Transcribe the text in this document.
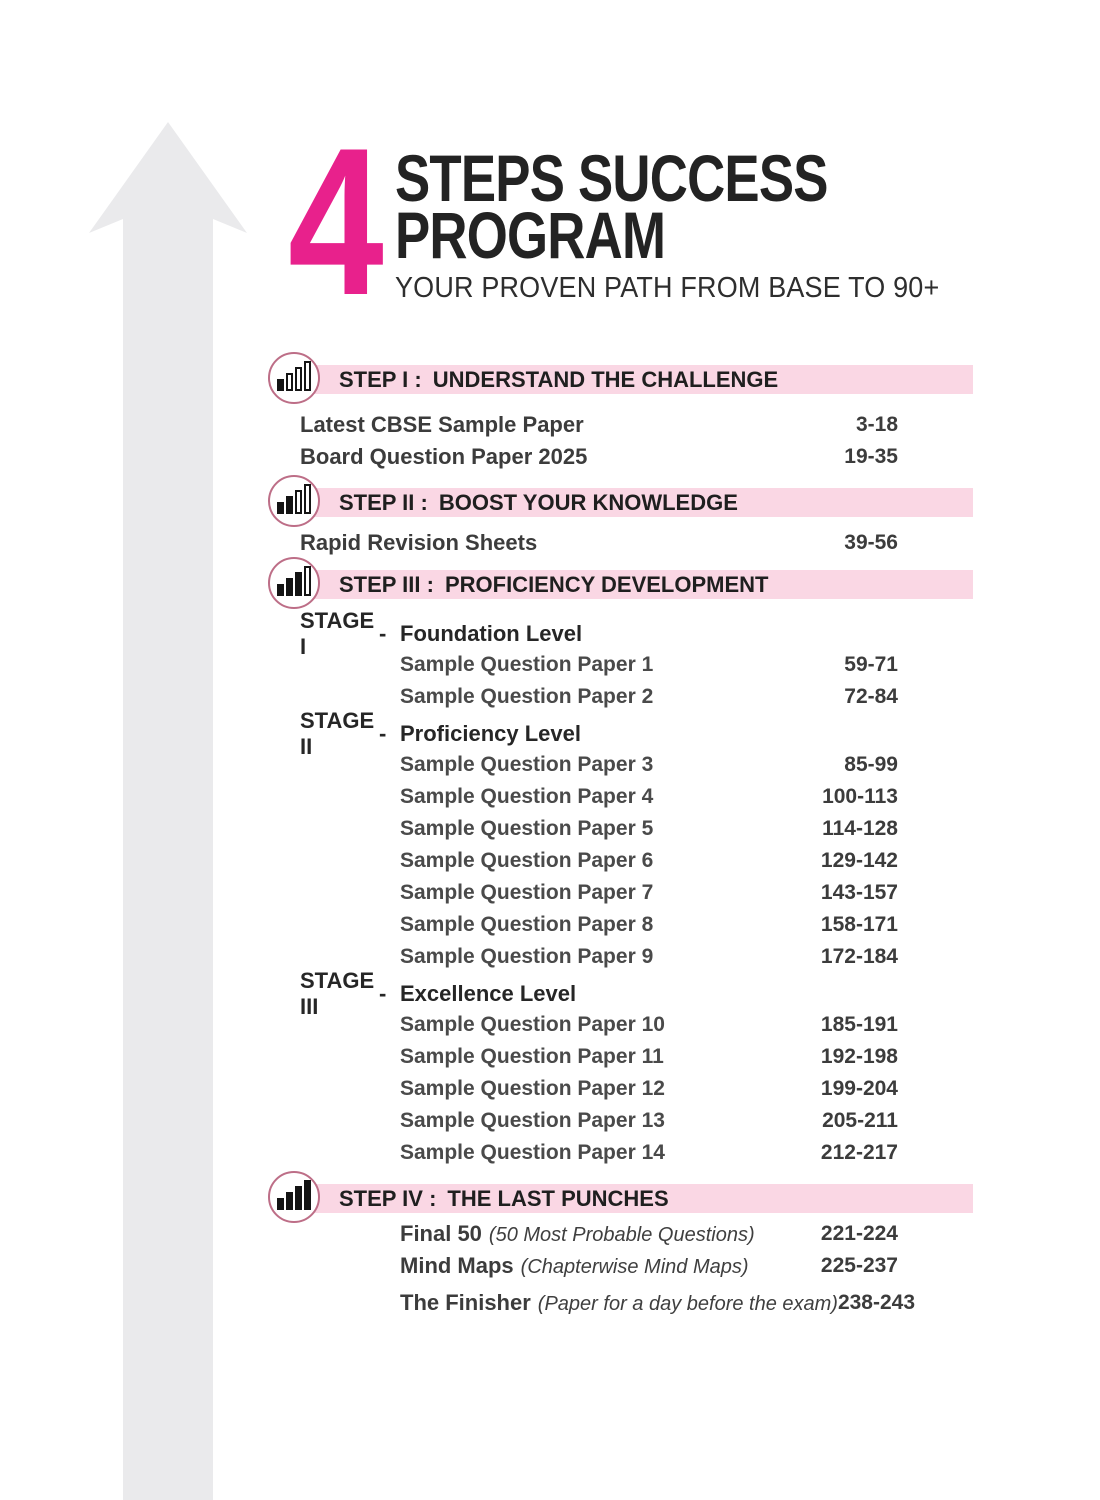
4 STEPS SUCCESS
PROGRAM
YOUR PROVEN PATH FROM BASE TO 90+
STEP I : UNDERSTAND THE CHALLENGE
Latest CBSE Sample Paper	3-18
Board Question Paper 2025	19-35
STEP II : BOOST YOUR KNOWLEDGE
Rapid Revision Sheets	39-56
STEP III : PROFICIENCY DEVELOPMENT
STAGE I
- Foundation Level
Sample Question Paper 1	59-71
Sample Question Paper 2	72-84
STAGE II
- Proficiency Level
Sample Question Paper 3	85-99
Sample Question Paper 4	100-113
Sample Question Paper 5	114-128
Sample Question Paper 6	129-142
Sample Question Paper 7	143-157
Sample Question Paper 8	158-171
Sample Question Paper 9	172-184
STAGE III
- Excellence Level
Sample Question Paper 10	185-191
Sample Question Paper 11	192-198
Sample Question Paper 12	199-204
Sample Question Paper 13	205-211
Sample Question Paper 14	212-217
STEP IV : THE LAST PUNCHES
Final 50 (50 Most Probable Questions)	221-224
Mind Maps (Chapterwise Mind Maps)	225-237
The Finisher (Paper for a day before the exam) 238-243
